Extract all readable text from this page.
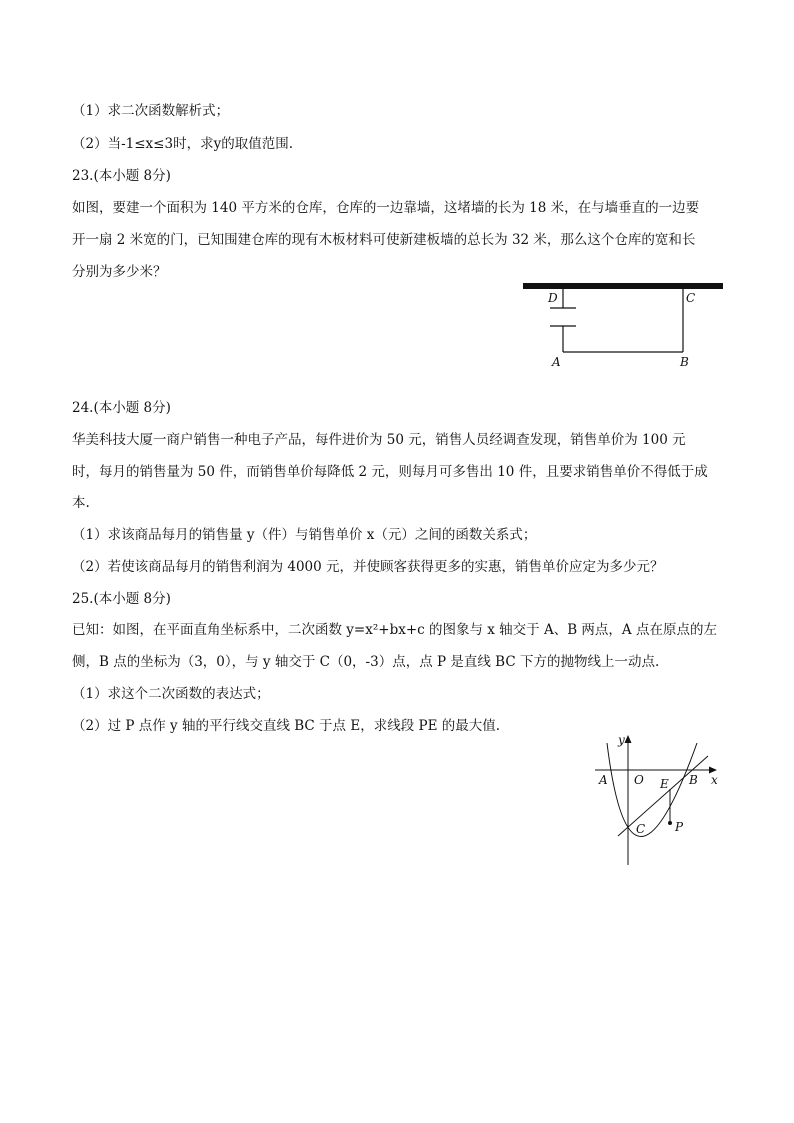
（1）求二次函数解析式；
（2）当-1≤x≤3时，求y的取值范围.
23.(本小题 8分)
如图，要建一个面积为 140 平方米的仓库，仓库的一边靠墙，这堵墙的长为 18 米，在与墙垂直的一边要
开一扇 2 米宽的门，已知围建仓库的现有木板材料可使新建板墙的总长为 32 米，那么这个仓库的宽和长
分别为多少米？
D	C
A	B
24.(本小题 8分)
华美科技大厦一商户销售一种电子产品，每件进价为 50 元，销售人员经调查发现，销售单价为 100 元
时，每月的销售量为 50 件，而销售单价每降低 2 元，则每月可多售出 10 件，且要求销售单价不得低于成
本.
（1）求该商品每月的销售量 y（件）与销售单价 x（元）之间的函数关系式；
（2）若使该商品每月的销售利润为 4000 元，并使顾客获得更多的实惠，销售单价应定为多少元？
25.(本小题 8分)
已知：如图，在平面直角坐标系中，二次函数 y=x²+bx+c 的图象与 x 轴交于 A、B 两点，A 点在原点的左
侧，B 点的坐标为（3，0），与 y 轴交于 C（0，-3）点，点 P 是直线 BC 下方的抛物线上一动点.
（1）求这个二次函数的表达式；
（2）过 P 点作 y 轴的平行线交直线 BC 于点 E，求线段 PE 的最大值.
y
x
A O E B
C P
